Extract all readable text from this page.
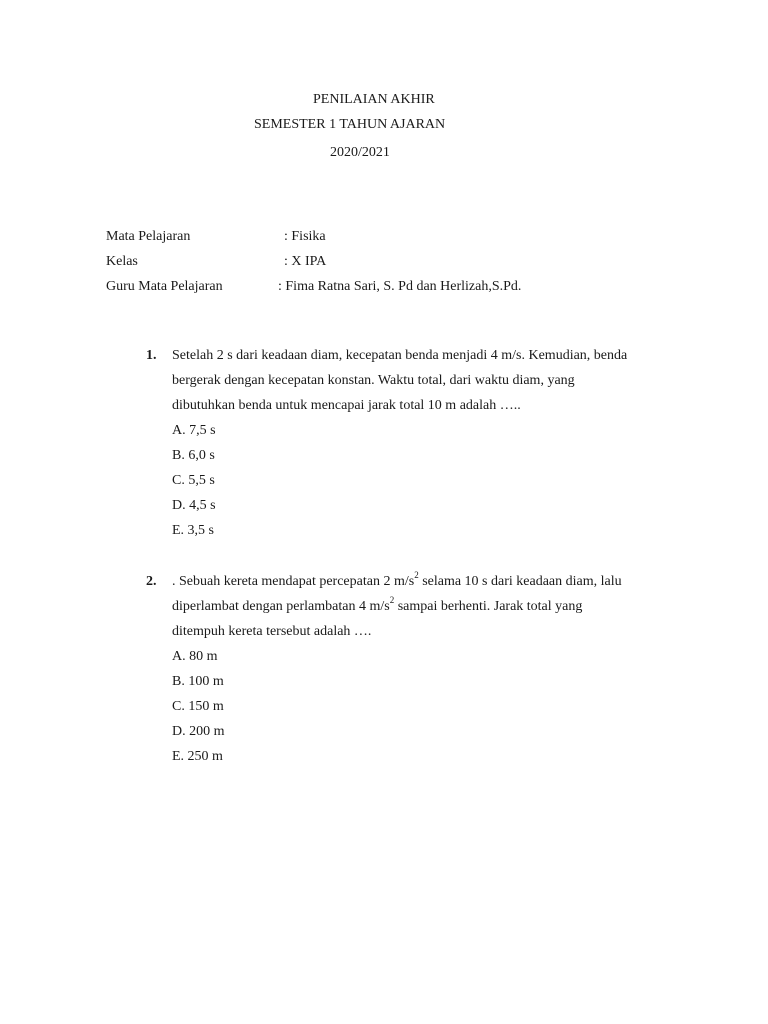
PENILAIAN AKHIR
SEMESTER 1 TAHUN AJARAN
2020/2021
Mata Pelajaran	: Fisika
Kelas	: X IPA
Guru Mata Pelajaran	: Fima Ratna Sari, S. Pd dan Herlizah,S.Pd.
1. Setelah 2 s dari keadaan diam, kecepatan benda menjadi 4 m/s. Kemudian, benda
bergerak dengan kecepatan konstan. Waktu total, dari waktu diam, yang
dibutuhkan benda untuk mencapai jarak total 10 m adalah …..
A. 7,5 s
B. 6,0 s
C. 5,5 s
D. 4,5 s
E. 3,5 s
2. . Sebuah kereta mendapat percepatan 2 $m/s^2$ selama 10 s dari keadaan diam, lalu
diperlambat dengan perlambatan 4 $m/s^2$ sampai berhenti. Jarak total yang
ditempuh kereta tersebut adalah ….
A. 80 m
B. 100 m
C. 150 m
D. 200 m
E. 250 m
